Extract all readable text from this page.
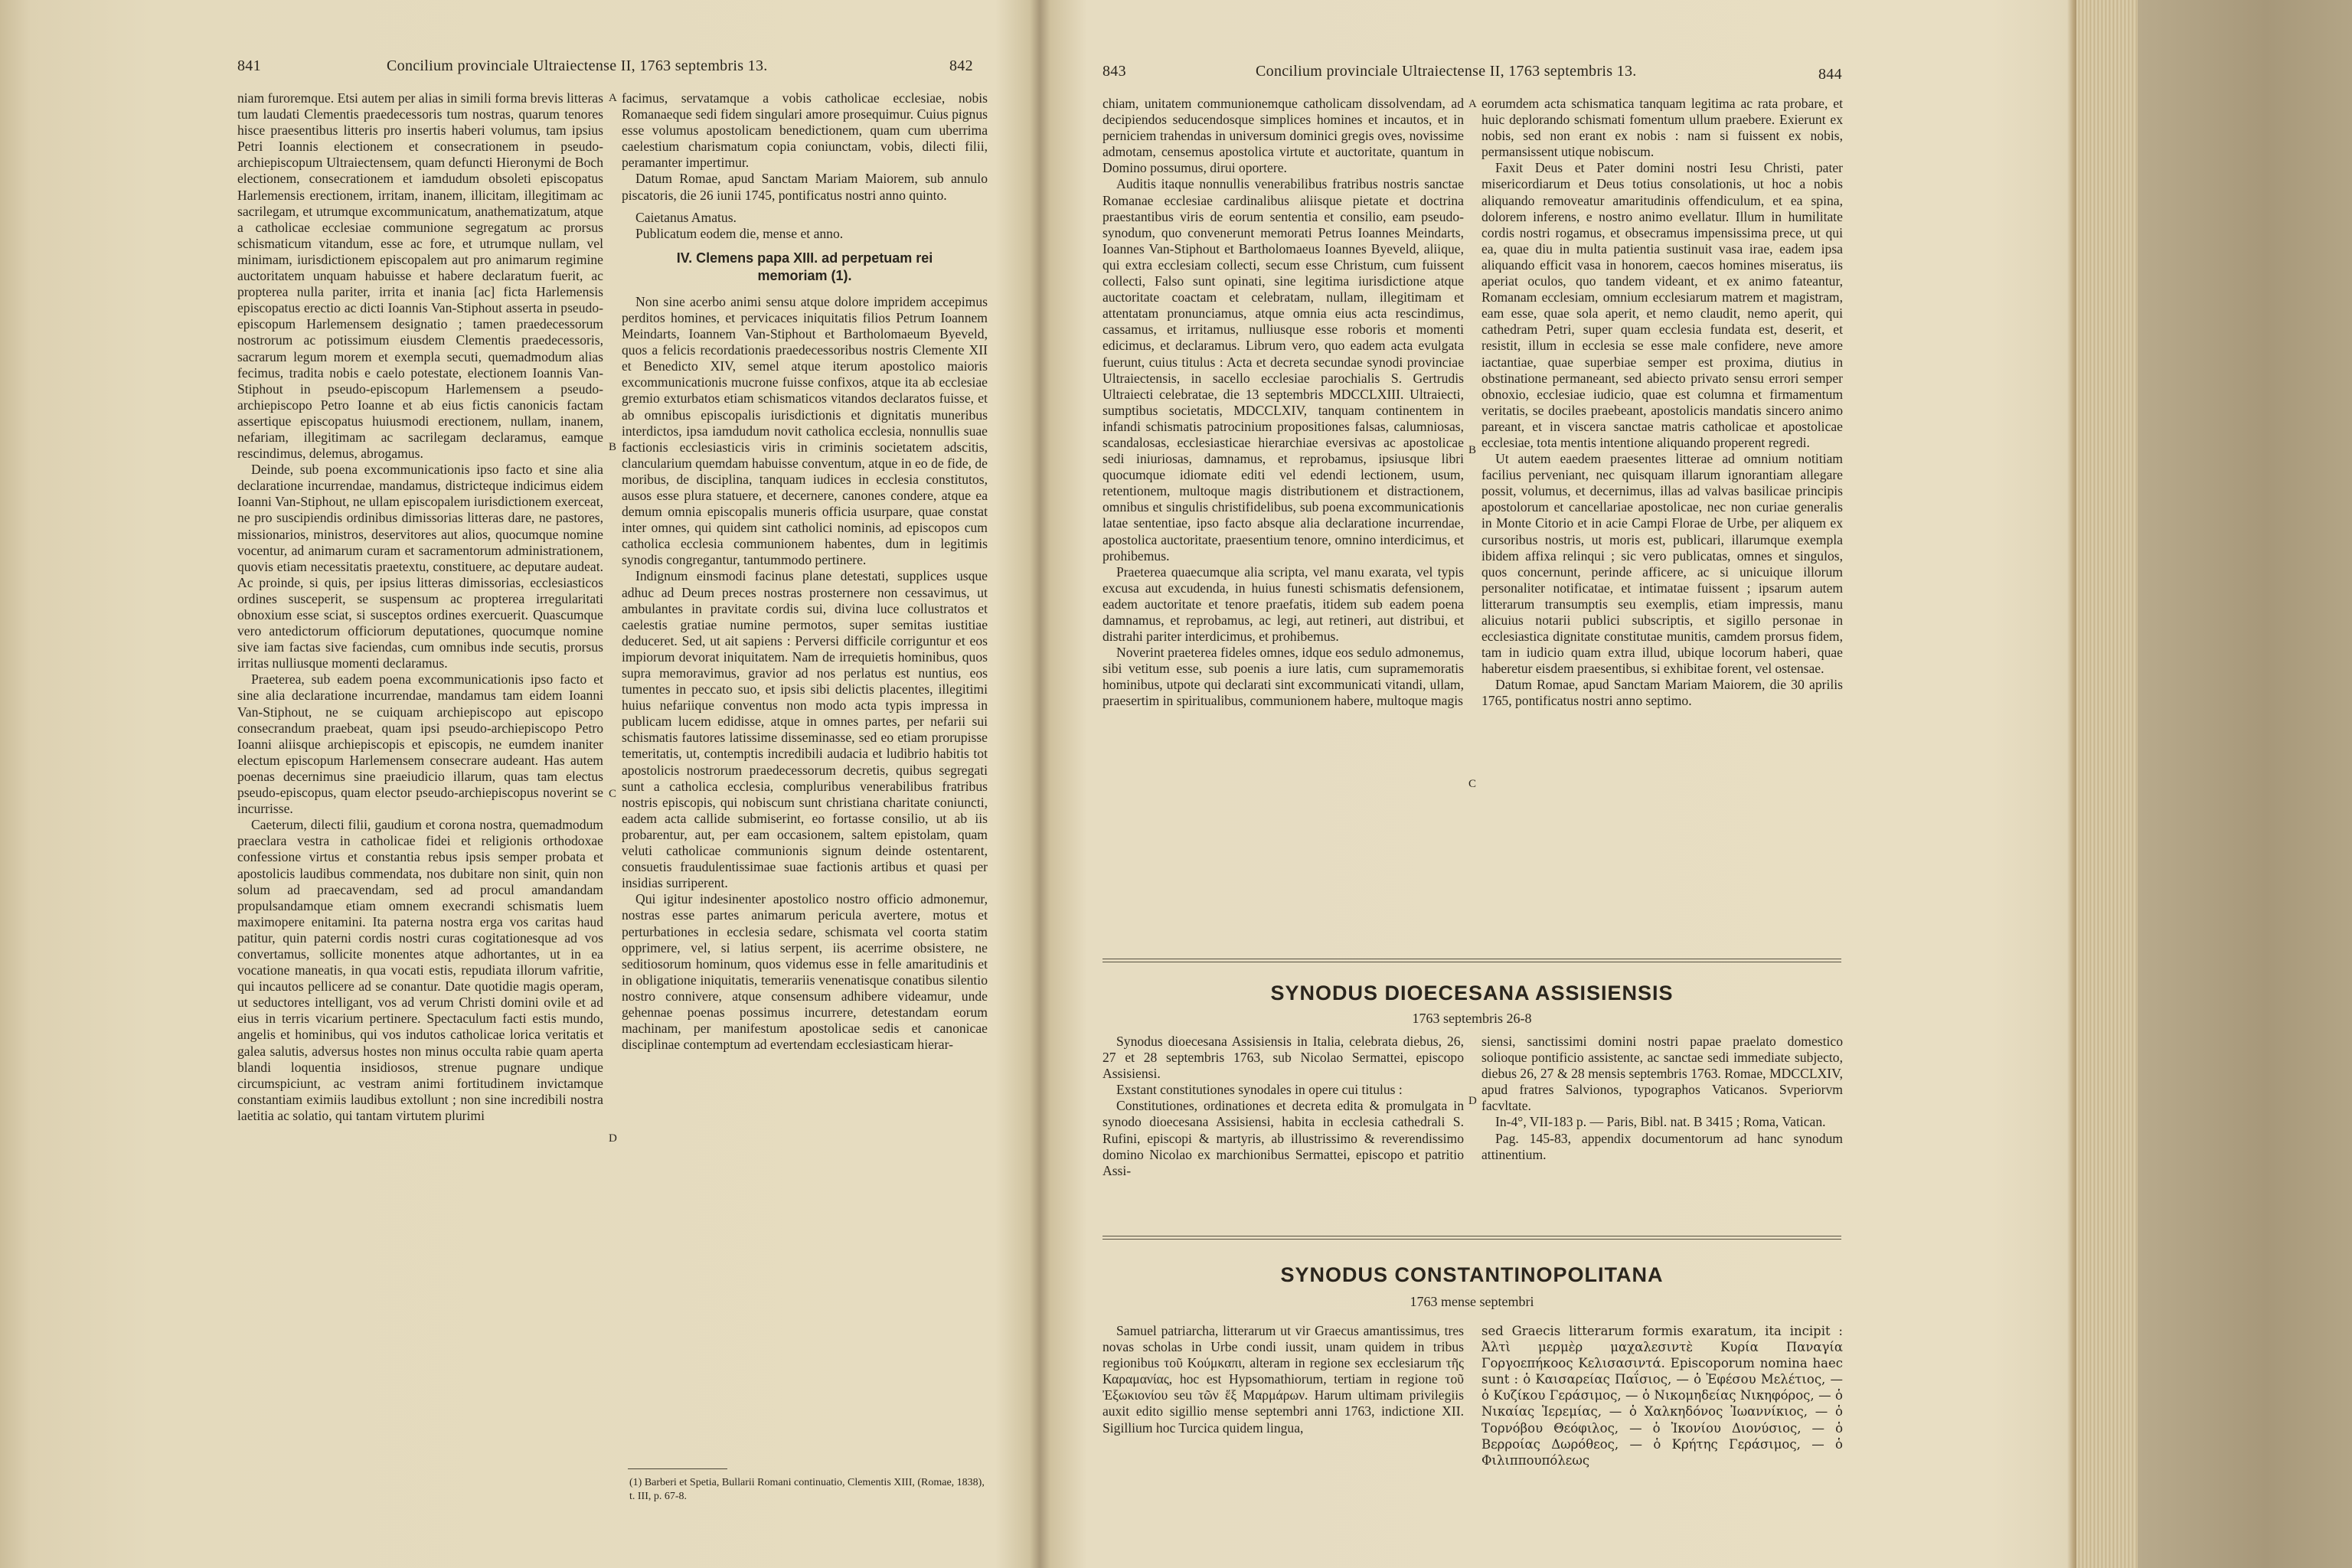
841	Concilium provinciale Ultraiectense II, 1763 septembris 13.	842

niam furoremque. Etsi autem per alias in simili forma brevis litteras tum laudati Clementis praedecessoris tum nostras, quarum tenores hisce praesentibus litteris pro insertis haberi volumus, tam ipsius Petri Ioannis electionem et consecrationem in pseudo-archiepiscopum Ultraiectensem, quam defuncti Hieronymi de Boch electionem, consecrationem et iamdudum obsoleti episcopatus Harlemensis erectionem, irritam, inanem, illicitam, illegitimam ac sacrilegam, et utrumque excommunicatum, anathematizatum, atque a catholicae ecclesiae communione segregatum ac prorsus schismaticum vitandum, esse ac fore, et utrumque nullam, vel minimam, iurisdictionem episcopalem aut pro animarum regimine auctoritatem unquam habuisse et habere declaratum fuerit, ac propterea nulla pariter, irrita et inania [ac] ficta Harlemensis episcopatus erectio ac dicti Ioannis Van-Stiphout asserta in pseudo-episcopum Harlemensem designatio ; tamen praedecessorum nostrorum ac potissimum eiusdem Clementis praedecessoris, sacrarum legum morem et exempla secuti, quemadmodum alias fecimus, tradita nobis e caelo potestate, electionem Ioannis Van-Stiphout in pseudo-episcopum Harlemensem a pseudo-archiepiscopo Petro Ioanne et ab eius fictis canonicis factam assertique episcopatus huiusmodi erectionem, nullam, inanem, nefariam, illegitimam ac sacrilegam declaramus, eamque rescindimus, delemus, abrogamus.

Deinde, sub poena excommunicationis ipso facto et sine alia declaratione incurrendae, mandamus, districteque indicimus eidem Ioanni Van-Stiphout, ne ullam episcopalem iurisdictionem exerceat, ne pro suscipiendis ordinibus dimissorias litteras dare, ne pastores, missionarios, ministros, deservitores aut alios, quocumque nomine vocentur, ad animarum curam et sacramentorum administrationem, quovis etiam necessitatis praetextu, constituere, ac deputare audeat. Ac proinde, si quis, per ipsius litteras dimissorias, ecclesiasticos ordines susceperit, se suspensum ac propterea irregularitati obnoxium esse sciat, si susceptos ordines exercuerit. Quascumque vero antedictorum officiorum deputationes, quocumque nomine sive iam factas sive faciendas, cum omnibus inde secutis, prorsus irritas nulliusque momenti declaramus.

Praeterea, sub eadem poena excommunicationis ipso facto et sine alia declaratione incurrendae, mandamus tam eidem Ioanni Van-Stiphout, ne se cuiquam archiepiscopo aut episcopo consecrandum praebeat, quam ipsi pseudo-archiepiscopo Petro Ioanni aliisque archiepiscopis et episcopis, ne eumdem inaniter electum episcopum Harlemensem consecrare audeant. Has autem poenas decernimus sine praeiudicio illarum, quas tam electus pseudo-episcopus, quam elector pseudo-archiepiscopus noverint se incurrisse.

Caeterum, dilecti filii, gaudium et corona nostra, quemadmodum praeclara vestra in catholicae fidei et religionis orthodoxae confessione virtus et constantia rebus ipsis semper probata et apostolicis laudibus commendata, nos dubitare non sinit, quin non solum ad praecavendam, sed ad procul amandandam propulsandamque etiam omnem execrandi schismatis luem maximopere enitamini. Ita paterna nostra erga vos caritas haud patitur, quin paterni cordis nostri curas cogitationesque ad vos convertamus, sollicite monentes atque adhortantes, ut in ea vocatione maneatis, in qua vocati estis, repudiata illorum vafritie, qui incautos pellicere ad se conantur. Date quotidie magis operam, ut seductores intelligant, vos ad verum Christi domini ovile et ad eius in terris vicarium pertinere. Spectaculum facti estis mundo, angelis et hominibus, qui vos indutos catholicae lorica veritatis et galea salutis, adversus hostes non minus occulta rabie quam aperta blandi loquentia insidiosos, strenue pugnare undique circumspiciunt, ac vestram animi fortitudinem invictamque constantiam eximiis laudibus extollunt ; non sine incredibili nostra laetitia ac solatio, qui tantam virtutem plurimi

A
B
C
D

facimus, servatamque a vobis catholicae ecclesiae, nobis Romanaeque sedi fidem singulari amore prosequimur. Cuius pignus esse volumus apostolicam benedictionem, quam cum uberrima caelestium charismatum copia coniunctam, vobis, dilecti filii, peramanter impertimur.

Datum Romae, apud Sanctam Mariam Maiorem, sub annulo piscatoris, die 26 iunii 1745, pontificatus nostri anno quinto.

Caietanus Amatus.

Publicatum eodem die, mense et anno.

IV. Clemens papa XIII. ad perpetuam rei memoriam (1).

Non sine acerbo animi sensu atque dolore impridem accepimus perditos homines, et pervicaces iniquitatis filios Petrum Ioannem Meindarts, Ioannem Van-Stiphout et Bartholomaeum Byeveld, quos a felicis recordationis praedecessoribus nostris Clemente XII et Benedicto XIV, semel atque iterum apostolico maioris excommunicationis mucrone fuisse confixos, atque ita ab ecclesiae gremio exturbatos etiam schismaticos vitandos declaratos fuisse, et ab omnibus episcopalis iurisdictionis et dignitatis muneribus interdictos, ipsa iamdudum novit catholica ecclesia, nonnullis suae factionis ecclesiasticis viris in criminis societatem adscitis, clancularium quemdam habuisse conventum, atque in eo de fide, de moribus, de disciplina, tanquam iudices in ecclesia constitutos, ausos esse plura statuere, et decernere, canones condere, atque ea demum omnia episcopalis muneris officia usurpare, quae constat inter omnes, qui quidem sint catholici nominis, ad episcopos cum catholica ecclesia communionem habentes, dum in legitimis synodis congregantur, tantummodo pertinere.

Indignum einsmodi facinus plane detestati, supplices usque adhuc ad Deum preces nostras prosternere non cessavimus, ut ambulantes in pravitate cordis sui, divina luce collustratos et caelestis gratiae numine permotos, super semitas iustitiae deduceret. Sed, ut ait sapiens : Perversi difficile corriguntur et eos impiorum devorat iniquitatem. Nam de irrequietis hominibus, quos supra memoravimus, gravior ad nos perlatus est nuntius, eos tumentes in peccato suo, et ipsis sibi delictis placentes, illegitimi huius nefariique conventus non modo acta typis impressa in publicam lucem edidisse, atque in omnes partes, per nefarii sui schismatis fautores latissime disseminasse, sed eo etiam prorupisse temeritatis, ut, contemptis incredibili audacia et ludibrio habitis tot apostolicis nostrorum praedecessorum decretis, quibus segregati sunt a catholica ecclesia, compluribus venerabilibus fratribus nostris episcopis, qui nobiscum sunt christiana charitate coniuncti, eadem acta callide submiserint, eo fortasse consilio, ut ab iis probarentur, aut, per eam occasionem, saltem epistolam, quam veluti catholicae communionis signum deinde ostentarent, consuetis fraudulentissimae suae factionis artibus et quasi per insidias surriperent.

Qui igitur indesinenter apostolico nostro officio admonemur, nostras esse partes animarum pericula avertere, motus et perturbationes in ecclesia sedare, schismata vel coorta statim opprimere, vel, si latius serpent, iis acerrime obsistere, ne seditiosorum hominum, quos videmus esse in felle amaritudinis et in obligatione iniquitatis, temerariis venenatisque conatibus silentio nostro connivere, atque consensum adhibere videamur, unde gehennae poenas possimus incurrere, detestandam eorum machinam, per manifestum apostolicae sedis et canonicae disciplinae contemptum ad evertendam ecclesiasticam hierar-

(1) Barberi et Spetia, Bullarii Romani continuatio, Clementis XIII, (Romae, 1838), t. III, p. 67-8.
843	Concilium provinciale Ultraiectense II, 1763 septembris 13.	844

chiam, unitatem communionemque catholicam dissolvendam, ad decipiendos seducendosque simplices homines et incautos, et in perniciem trahendas in universum dominici gregis oves, novissime admotam, censemus apostolica virtute et auctoritate, quantum in Domino possumus, dirui oportere.

Auditis itaque nonnullis venerabilibus fratribus nostris sanctae Romanae ecclesiae cardinalibus aliisque pietate et doctrina praestantibus viris de eorum sententia et consilio, eam pseudo-synodum, quo convenerunt memorati Petrus Ioannes Meindarts, Ioannes Van-Stiphout et Bartholomaeus Ioannes Byeveld, aliique, qui extra ecclesiam collecti, secum esse Christum, cum fuissent collecti, Falso sunt opinati, sine legitima iurisdictione atque auctoritate coactam et celebratam, nullam, illegitimam et attentatam pronunciamus, atque omnia eius acta rescindimus, cassamus, et irritamus, nulliusque esse roboris et momenti edicimus, et declaramus. Librum vero, quo eadem acta evulgata fuerunt, cuius titulus : Acta et decreta secundae synodi provinciae Ultraiectensis, in sacello ecclesiae parochialis S. Gertrudis Ultraiecti celebratae, die 13 septembris MDCCLXIII. Ultraiecti, sumptibus societatis, MDCCLXIV, tanquam continentem in infandi schismatis patrocinium propositiones falsas, calumniosas, scandalosas, ecclesiasticae hierarchiae eversivas ac apostolicae sedi iniuriosas, damnamus, et reprobamus, ipsiusque libri quocumque idiomate editi vel edendi lectionem, usum, retentionem, multoque magis distributionem et distractionem, omnibus et singulis christifidelibus, sub poena excommunicationis latae sententiae, ipso facto absque alia declaratione incurrendae, apostolica auctoritate, praesentium tenore, omnino interdicimus, et prohibemus.

Praeterea quaecumque alia scripta, vel manu exarata, vel typis excusa aut excudenda, in huius funesti schismatis defensionem, eadem auctoritate et tenore praefatis, itidem sub eadem poena damnamus, et reprobamus, ac legi, aut retineri, aut distribui, et distrahi pariter interdicimus, et prohibemus.

Noverint praeterea fideles omnes, idque eos sedulo admonemus, sibi vetitum esse, sub poenis a iure latis, cum supramemoratis hominibus, utpote qui declarati sint excommunicati vitandi, ullam, praesertim in spiritualibus, communionem habere, multoque magis

A
B
C
D

eorumdem acta schismatica tanquam legitima ac rata probare, et huic deplorando schismati fomentum ullum praebere. Exierunt ex nobis, sed non erant ex nobis : nam si fuissent ex nobis, permansissent utique nobiscum.

Faxit Deus et Pater domini nostri Iesu Christi, pater misericordiarum et Deus totius consolationis, ut hoc a nobis aliquando removeatur amaritudinis offendiculum, et ea spina, dolorem inferens, e nostro animo evellatur. Illum in humilitate cordis nostri rogamus, et obsecramus impensissima prece, ut qui ea, quae diu in multa patientia sustinuit vasa irae, eadem ipsa aliquando efficit vasa in honorem, caecos homines miseratus, iis aperiat oculos, quo tandem videant, et ex animo fateantur, Romanam ecclesiam, omnium ecclesiarum matrem et magistram, eam esse, quae sola aperit, et nemo claudit, nemo aperit, qui cathedram Petri, super quam ecclesia fundata est, deserit, et resistit, illum in ecclesia se esse male confidere, neve amore iactantiae, quae superbiae semper est proxima, diutius in obstinatione permaneant, sed abiecto privato sensu errori semper obnoxio, ecclesiae iudicio, quae est columna et firmamentum veritatis, se dociles praebeant, apostolicis mandatis sincero animo pareant, et in viscera sanctae matris catholicae et apostolicae ecclesiae, tota mentis intentione aliquando properent regredi.

Ut autem eaedem praesentes litterae ad omnium notitiam facilius perveniant, nec quisquam illarum ignorantiam allegare possit, volumus, et decernimus, illas ad valvas basilicae principis apostolorum et cancellariae apostolicae, nec non curiae generalis in Monte Citorio et in acie Campi Florae de Urbe, per aliquem ex cursoribus nostris, ut moris est, publicari, illarumque exempla ibidem affixa relinqui ; sic vero publicatas, omnes et singulos, quos concernunt, perinde afficere, ac si unicuique illorum personaliter notificatae, et intimatae fuissent ; ipsarum autem litterarum transumptis seu exemplis, etiam impressis, manu alicuius notarii publici subscriptis, et sigillo personae in ecclesiastica dignitate constitutae munitis, camdem prorsus fidem, tam in iudicio quam extra illud, ubique locorum haberi, quae haberetur eisdem praesentibus, si exhibitae forent, vel ostensae.

Datum Romae, apud Sanctam Mariam Maiorem, die 30 aprilis 1765, pontificatus nostri anno septimo.

SYNODUS DIOECESANA ASSISIENSIS
1763 septembris 26-8

Synodus dioecesana Assisiensis in Italia, celebrata diebus, 26, 27 et 28 septembris 1763, sub Nicolao Sermattei, episcopo Assisiensi.

Exstant constitutiones synodales in opere cui titulus :

Constitutiones, ordinationes et decreta edita & promulgata in synodo dioecesana Assisiensi, habita in ecclesia cathedrali S. Rufini, episcopi & martyris, ab illustrissimo & reverendissimo domino Nicolao ex marchionibus Sermattei, episcopo et patritio Assi-

siensi, sanctissimi domini nostri papae praelato domestico solioque pontificio assistente, ac sanctae sedi immediate subjecto, diebus 26, 27 & 28 mensis septembris 1763. Romae, MDCCLXIV, apud fratres Salvionos, typographos Vaticanos. Svperiorvm facvltate.

In-4°, VII-183 p. — Paris, Bibl. nat. B 3415 ; Roma, Vatican.

Pag. 145-83, appendix documentorum ad hanc synodum attinentium.

SYNODUS CONSTANTINOPOLITANA
1763 mense septembri

Samuel patriarcha, litterarum ut vir Graecus amantissimus, tres novas scholas in Urbe condi iussit, unam quidem in tribus regionibus τοῦ Κούμκαπι, alteram in regione sex ecclesiarum τῆς Καραμανίας, hoc est Hypsomathiorum, tertiam in regione τοῦ Ἐξωκιονίου seu τῶν ἕξ Μαρμάρων. Harum ultimam privilegiis auxit edito sigillio mense septembri anni 1763, indictione XII. Sigillium hoc Turcica quidem lingua,

sed Graecis litterarum formis exaratum, ita incipit : Ἀλτὶ μερμὲρ μαχαλεσιντὲ Κυρία Παναγία Γοργοεπήκοος Κελισασιντά. Episcoporum nomina haec sunt : ὁ Καισαρείας Παΐσιος, — ὁ Ἐφέσου Μελέτιος, — ὁ Κυζίκου Γεράσιμος, — ὁ Νικομηδείας Νικηφόρος, — ὁ Νικαίας Ἱερεμίας, — ὁ Χαλκηδόνος Ἰωαννίκιος, — ὁ Τορνόβου Θεόφιλος, — ὁ Ἰκονίου Διονύσιος, — ὁ Βερροίας Δωρόθεος, — ὁ Κρήτης Γεράσιμος, — ὁ Φιλιππουπόλεως
